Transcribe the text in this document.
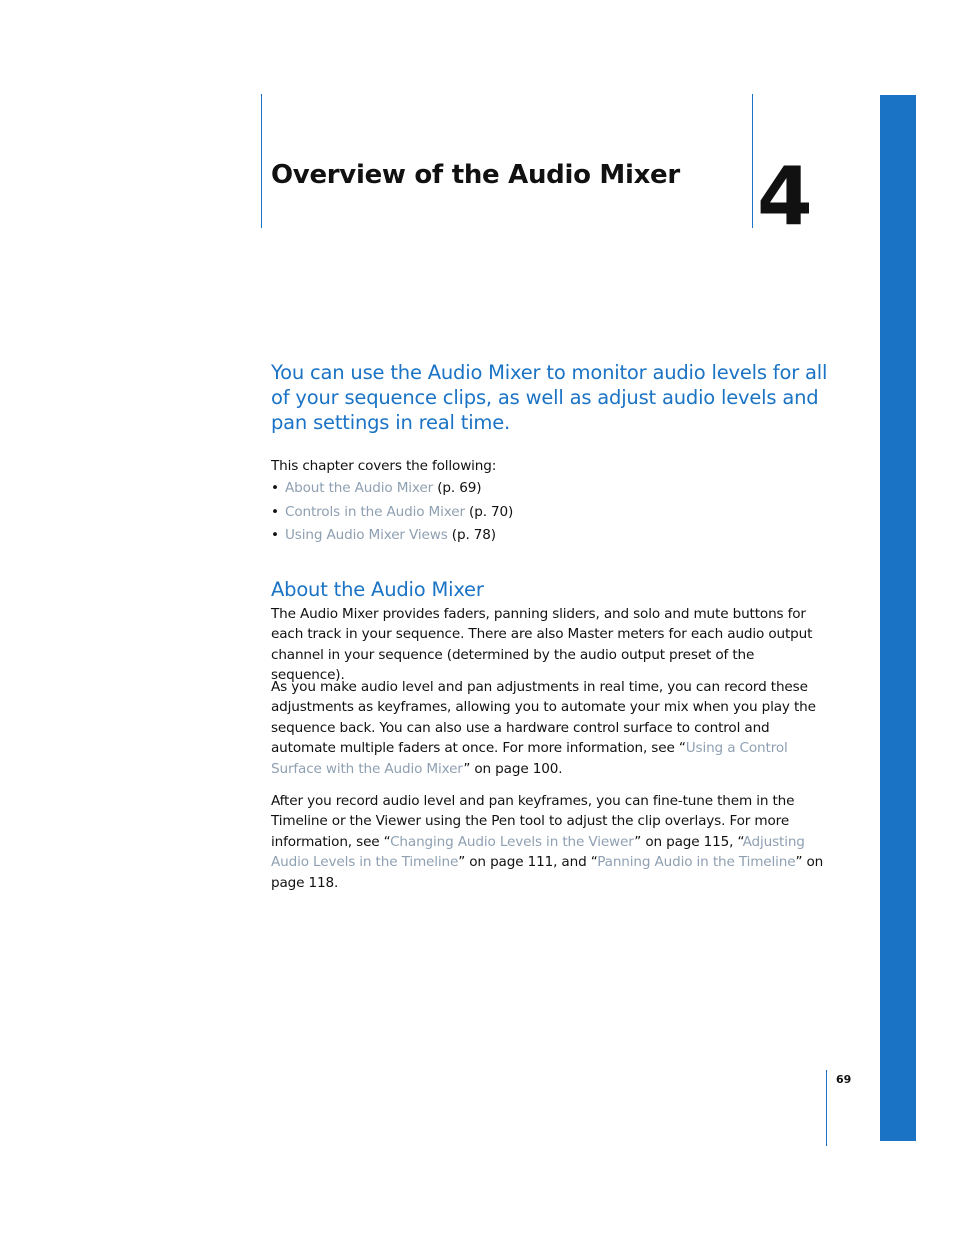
Overview of the Audio Mixer 4

You can use the Audio Mixer to monitor audio levels for all of your sequence clips, as well as adjust audio levels and pan settings in real time.

This chapter covers the following:

• About the Audio Mixer (p. 69)
• Controls in the Audio Mixer (p. 70)
• Using Audio Mixer Views (p. 78)
About the Audio Mixer

The Audio Mixer provides faders, panning sliders, and solo and mute buttons for each track in your sequence. There are also Master meters for each audio output channel in your sequence (determined by the audio output preset of the sequence).

As you make audio level and pan adjustments in real time, you can record these adjustments as keyframes, allowing you to automate your mix when you play the sequence back. You can also use a hardware control surface to control and automate multiple faders at once. For more information, see “Using a Control Surface with the Audio Mixer” on page 100.

After you record audio level and pan keyframes, you can fine-tune them in the Timeline or the Viewer using the Pen tool to adjust the clip overlays. For more information, see “Changing Audio Levels in the Viewer” on page 115, “Adjusting Audio Levels in the Timeline” on page 111, and “Panning Audio in the Timeline” on page 118.

69
